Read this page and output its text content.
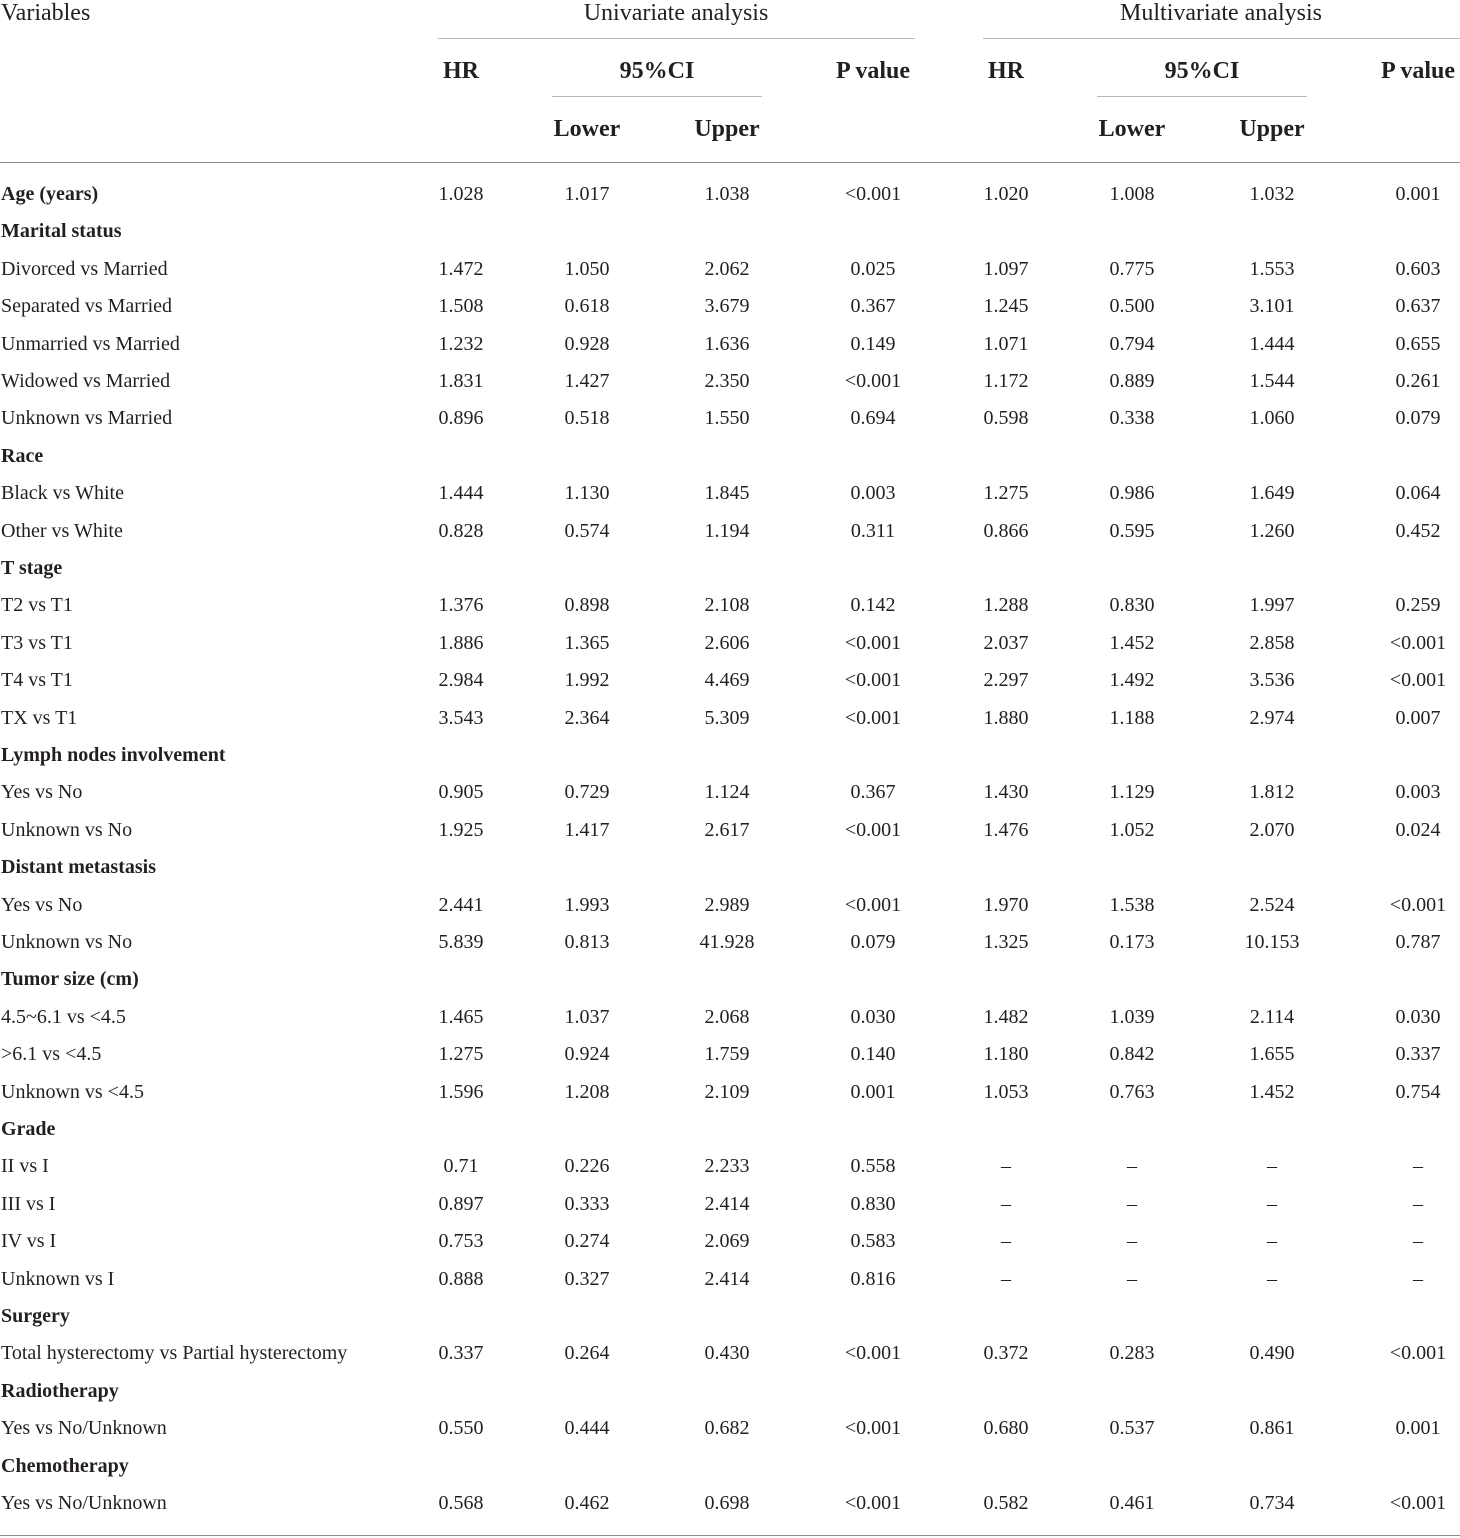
Variables	Univariate analysis	Multivariate analysis
HR	95%CI	P value	HR	95%CI	P value
Lower	Upper	Lower	Upper
Age (years)	1.028	1.017	1.038	<0.001	1.020	1.008	1.032	0.001
Marital status
Divorced vs Married	1.472	1.050	2.062	0.025	1.097	0.775	1.553	0.603
Separated vs Married	1.508	0.618	3.679	0.367	1.245	0.500	3.101	0.637
Unmarried vs Married	1.232	0.928	1.636	0.149	1.071	0.794	1.444	0.655
Widowed vs Married	1.831	1.427	2.350	<0.001	1.172	0.889	1.544	0.261
Unknown vs Married	0.896	0.518	1.550	0.694	0.598	0.338	1.060	0.079
Race
Black vs White	1.444	1.130	1.845	0.003	1.275	0.986	1.649	0.064
Other vs White	0.828	0.574	1.194	0.311	0.866	0.595	1.260	0.452
T stage
T2 vs T1	1.376	0.898	2.108	0.142	1.288	0.830	1.997	0.259
T3 vs T1	1.886	1.365	2.606	<0.001	2.037	1.452	2.858	<0.001
T4 vs T1	2.984	1.992	4.469	<0.001	2.297	1.492	3.536	<0.001
TX vs T1	3.543	2.364	5.309	<0.001	1.880	1.188	2.974	0.007
Lymph nodes involvement
Yes vs No	0.905	0.729	1.124	0.367	1.430	1.129	1.812	0.003
Unknown vs No	1.925	1.417	2.617	<0.001	1.476	1.052	2.070	0.024
Distant metastasis
Yes vs No	2.441	1.993	2.989	<0.001	1.970	1.538	2.524	<0.001
Unknown vs No	5.839	0.813	41.928	0.079	1.325	0.173	10.153	0.787
Tumor size (cm)
4.5~6.1 vs <4.5	1.465	1.037	2.068	0.030	1.482	1.039	2.114	0.030
>6.1 vs <4.5	1.275	0.924	1.759	0.140	1.180	0.842	1.655	0.337
Unknown vs <4.5	1.596	1.208	2.109	0.001	1.053	0.763	1.452	0.754
Grade
II vs I	0.71	0.226	2.233	0.558	–	–	–	–
III vs I	0.897	0.333	2.414	0.830	–	–	–	–
IV vs I	0.753	0.274	2.069	0.583	–	–	–	–
Unknown vs I	0.888	0.327	2.414	0.816	–	–	–	–
Surgery
Total hysterectomy vs Partial hysterectomy	0.337	0.264	0.430	<0.001	0.372	0.283	0.490	<0.001
Radiotherapy
Yes vs No/Unknown	0.550	0.444	0.682	<0.001	0.680	0.537	0.861	0.001
Chemotherapy
Yes vs No/Unknown	0.568	0.462	0.698	<0.001	0.582	0.461	0.734	<0.001
